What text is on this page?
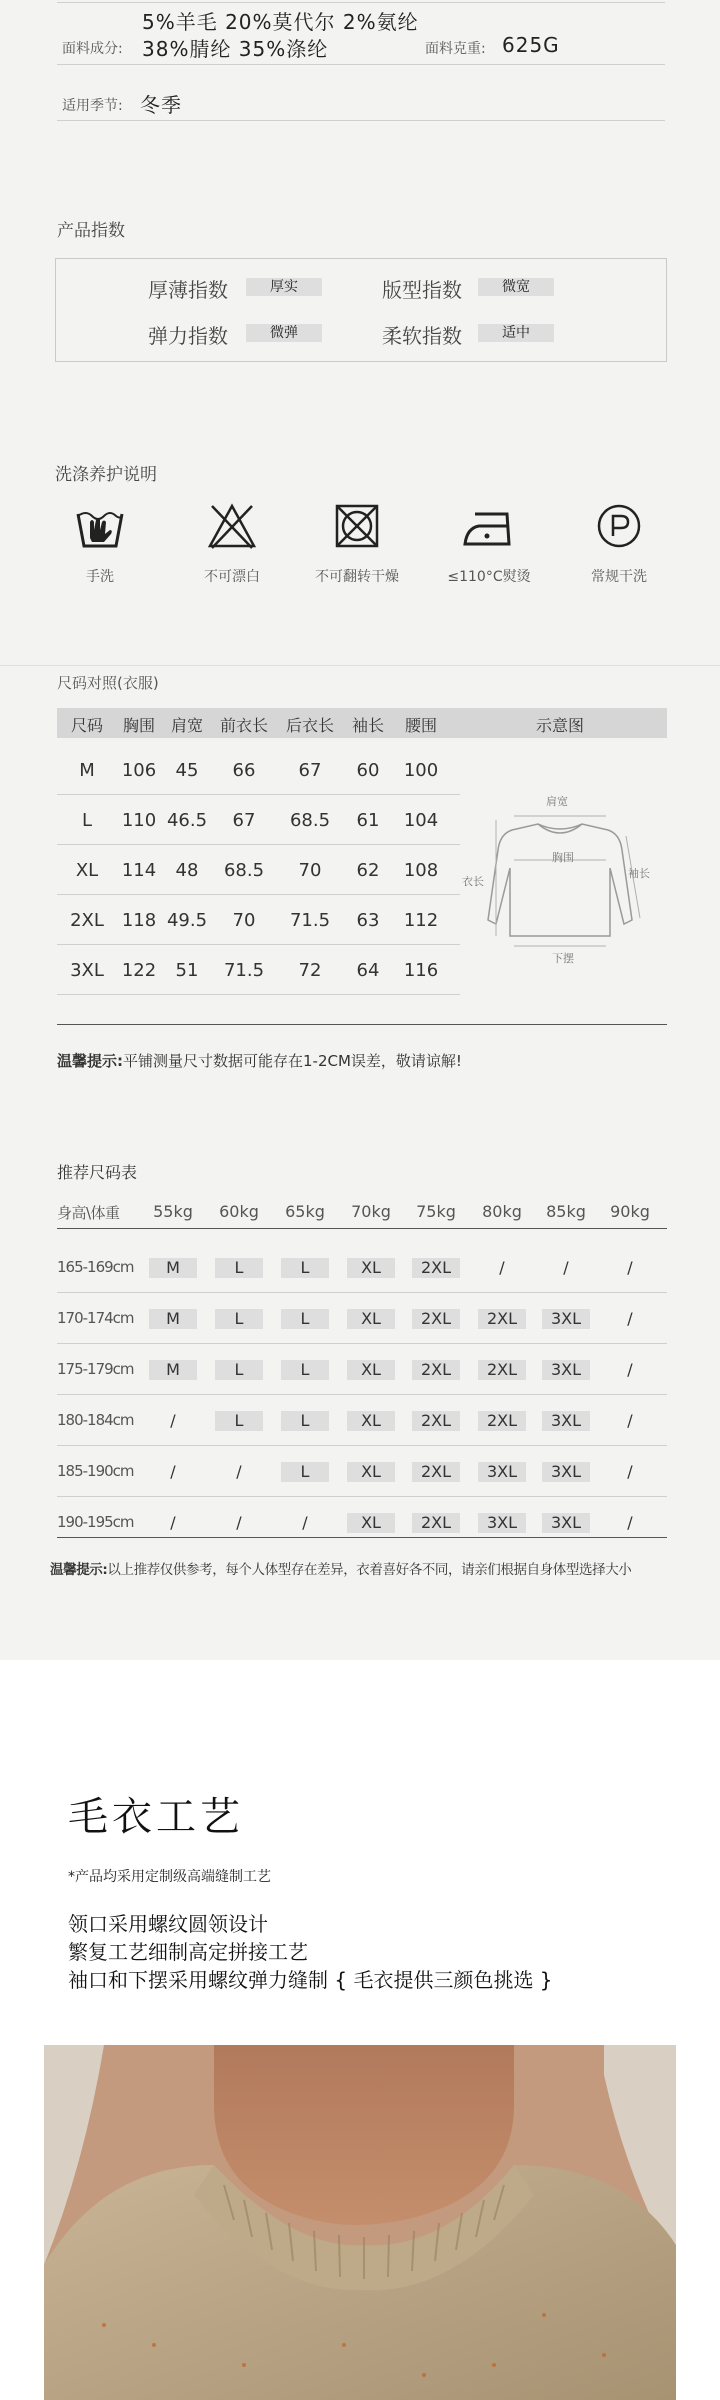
5%羊毛 20%莫代尔 2%氨纶
面料成分: 38%腈纶 35%涤纶	面料克重: 625G
适用季节: 冬季
产品指数
厚薄指数	厚实	版型指数	微宽
弹力指数	微弹	柔软指数	适中
洗涤养护说明
手洗	不可漂白	不可翻转干燥	≤110°C熨烫	常规干洗
尺码对照(衣服)
尺码	胸围 肩宽	前衣长	后衣长	袖长	腰围	示意图
M	106	45	66	67	60	100
L	110 46.5	67	68.5	61	104
XL	114	48	68.5	70	62	108
2XL 118 49.5	70	71.5	63	112
3XL 122	51	71.5	72	64	116
肩宽
胸围
衣长
袖长
下摆
温馨提示:平铺测量尺寸数据可能存在1-2CM误差，敬请谅解!
推荐尺码表
身高\体重	55kg	60kg	65kg	70kg	75kg	80kg	85kg	90kg
165-169cm	M	L	L	XL	2XL	/	/	/
170-174cm	M	L	L	XL	2XL	2XL	3XL	/
175-179cm	M	L	L	XL	2XL	2XL	3XL	/
180-184cm	/	L	L	XL	2XL	2XL	3XL	/
185-190cm	/	/	L	XL	2XL	3XL	3XL	/
190-195cm	/	/	/	XL	2XL	3XL	3XL	/
温馨提示:以上推荐仅供参考，每个人体型存在差异，衣着喜好各不同，请亲们根据自身体型选择大小
毛衣工艺
*产品均采用定制级高端缝制工艺
领口采用螺纹圆领设计
繁复工艺细制高定拼接工艺
袖口和下摆采用螺纹弹力缝制 { 毛衣提供三颜色挑选 }
